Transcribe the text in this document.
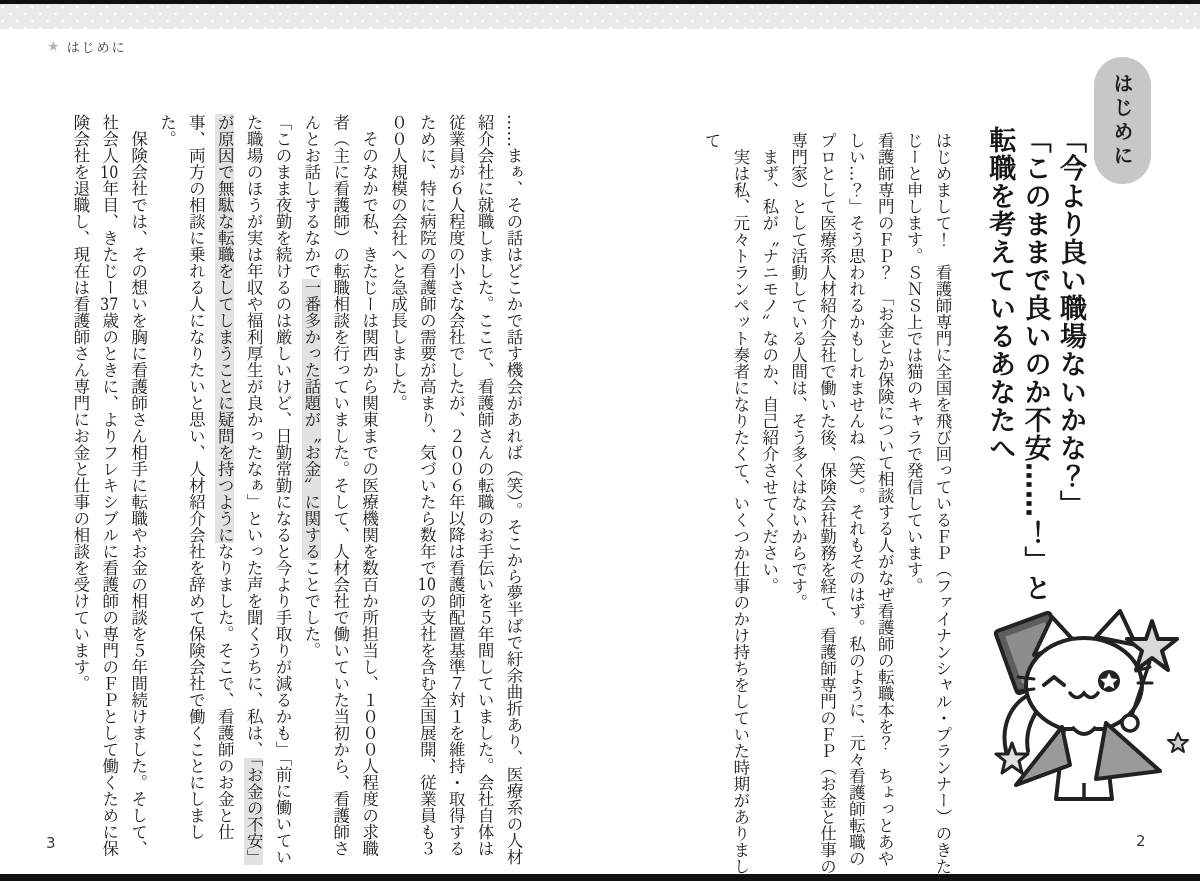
★ はじめに
はじめに

「今より良い職場ないかな？」

「このままで良いのか不安……！」と

転職を考えているあなたへ

はじめまして！　看護師専門に全国を飛び回っているＦＰ（ファイナンシャル・プランナー）のきたじーと申します。ＳＮＳ上では猫のキャラで発信しています。

看護師専門のＦＰ？　「お金とか保険について相談する人がなぜ看護師の転職本を？　ちょっとあやしい…？」そう思われるかもしれませんね（笑）。それもそのはず。私のように、元々看護師転職のプロとして医療系人材紹介会社で働いた後、保険会社勤務を経て、看護師専門のＦＰ（お金と仕事の専門家）として活動している人間は、そう多くはないからです。

　まず、私が〝ナニモノ〟なのか、自己紹介させてください。

　実は私、元々トランペット奏者になりたくて、いくつか仕事のかけ持ちをしていた時期がありまして

……まぁ、その話はどこかで話す機会があれば（笑）。そこから夢半ばで紆余曲折あり、医療系の人材紹介会社に就職しました。ここで、看護師さんの転職のお手伝いを５年間していました。会社自体は従業員が６人程度の小さな会社でしたが、２００６年以降は看護師配置基準７対１を維持・取得するために、特に病院の看護師の需要が高まり、気づいたら数年で10の支社を含む全国展開、従業員も３００人規模の会社へと急成長しました。

　そのなかで私、きたじーは関西から関東までの医療機関を数百か所担当し、１０００人程度の求職者（主に看護師）の転職相談を行っていました。そして、人材会社で働いていた当初から、看護師さんとお話しするなかで一番多かった話題が〝お金〟に関することでした。

「このまま夜勤を続けるのは厳しいけど、日勤常勤になると今より手取りが減るかも」「前に働いていた職場のほうが実は年収や福利厚生が良かったなぁ」といった声を聞くうちに、私は、「お金の不安」が原因で無駄な転職をしてしまうことに疑問を持つようになりました。そこで、看護師のお金と仕事、両方の相談に乗れる人になりたいと思い、人材紹介会社を辞めて保険会社で働くことにしました。

　保険会社では、その想いを胸に看護師さん相手に転職やお金の相談を５年間続けました。そして、社会人10年目、きたじー37歳のときに、よりフレキシブルに看護師の専門のＦＰとして働くために保険会社を退職し、現在は看護師さん専門にお金と仕事の相談を受けています。

3	2
